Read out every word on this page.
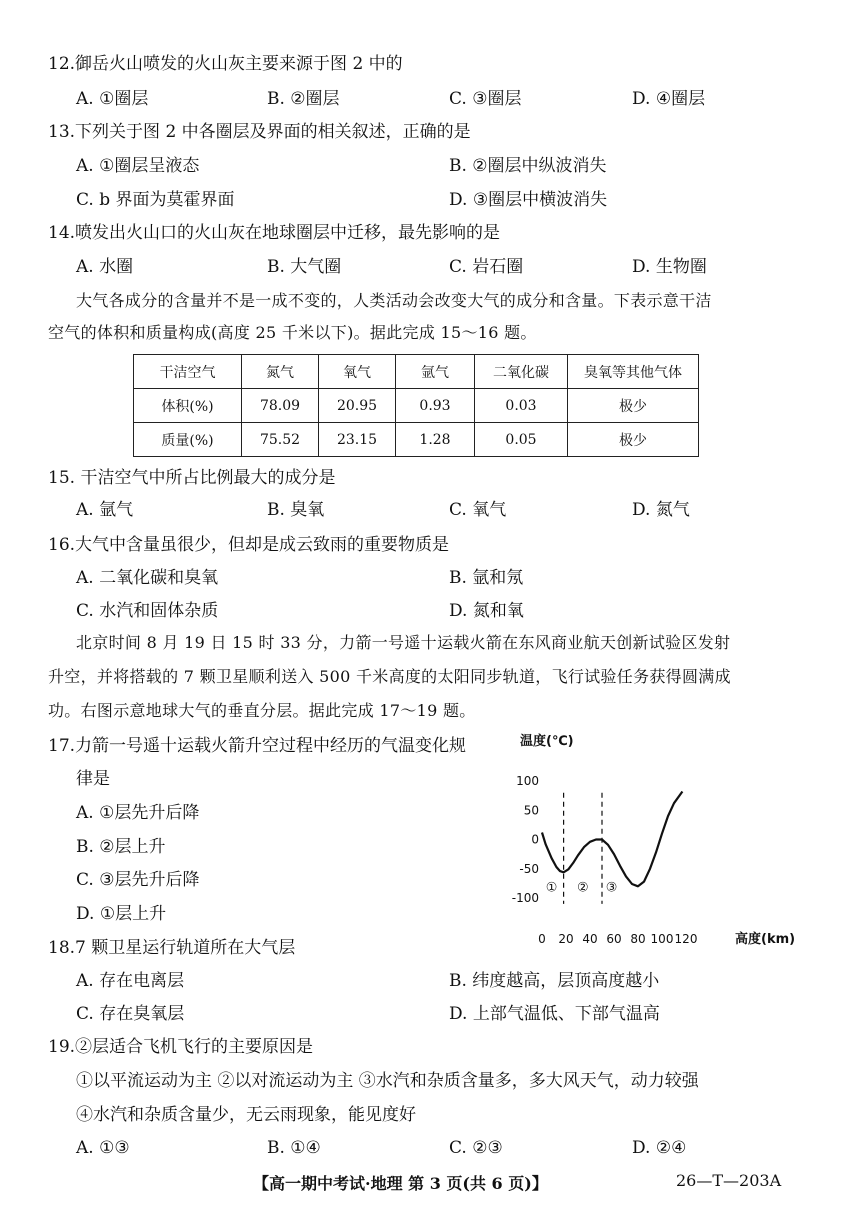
12.御岳火山喷发的火山灰主要来源于图 2 中的
A. ①圈层	B. ②圈层	C. ③圈层	D. ④圈层
13.下列关于图 2 中各圈层及界面的相关叙述，正确的是
A. ①圈层呈液态	B. ②圈层中纵波消失
C. b 界面为莫霍界面	D. ③圈层中横波消失
14.喷发出火山口的火山灰在地球圈层中迁移，最先影响的是
A. 水圈	B. 大气圈	C. 岩石圈	D. 生物圈
大气各成分的含量并不是一成不变的，人类活动会改变大气的成分和含量。下表示意干洁
空气的体积和质量构成(高度 25 千米以下)。据此完成 15～16 题。
干洁空气	氮气	氧气	氩气	二氧化碳	臭氧等其他气体
体积(%)	78.09	20.95	0.93	0.03	极少
质量(%)	75.52	23.15	1.28	0.05	极少
15. 干洁空气中所占比例最大的成分是
A. 氩气	B. 臭氧	C. 氧气	D. 氮气
16.大气中含量虽很少，但却是成云致雨的重要物质是
A. 二氧化碳和臭氧	B. 氩和氖
C. 水汽和固体杂质	D. 氮和氧
北京时间 8 月 19 日 15 时 33 分，力箭一号遥十运载火箭在东风商业航天创新试验区发射
升空，并将搭载的 7 颗卫星顺利送入 500 千米高度的太阳同步轨道，飞行试验任务获得圆满成
功。右图示意地球大气的垂直分层。据此完成 17～19 题。
17.力箭一号遥十运载火箭升空过程中经历的气温变化规
律是
A. ①层先升后降
B. ②层上升
C. ③层先升后降
D. ①层上升
温度(℃)
高度(km)
100
50
0
-50
-100
0 20 40 60 80 100 120
① ② ③
18.7 颗卫星运行轨道所在大气层
A. 存在电离层	B. 纬度越高，层顶高度越小
C. 存在臭氧层	D. 上部气温低、下部气温高
19.②层适合飞机飞行的主要原因是
①以平流运动为主 ②以对流运动为主 ③水汽和杂质含量多，多大风天气，动力较强
④水汽和杂质含量少，无云雨现象，能见度好
A. ①③	B. ①④	C. ②③	D. ②④
【高一期中考试·地理 第 3 页(共 6 页)】	26—T—203A
